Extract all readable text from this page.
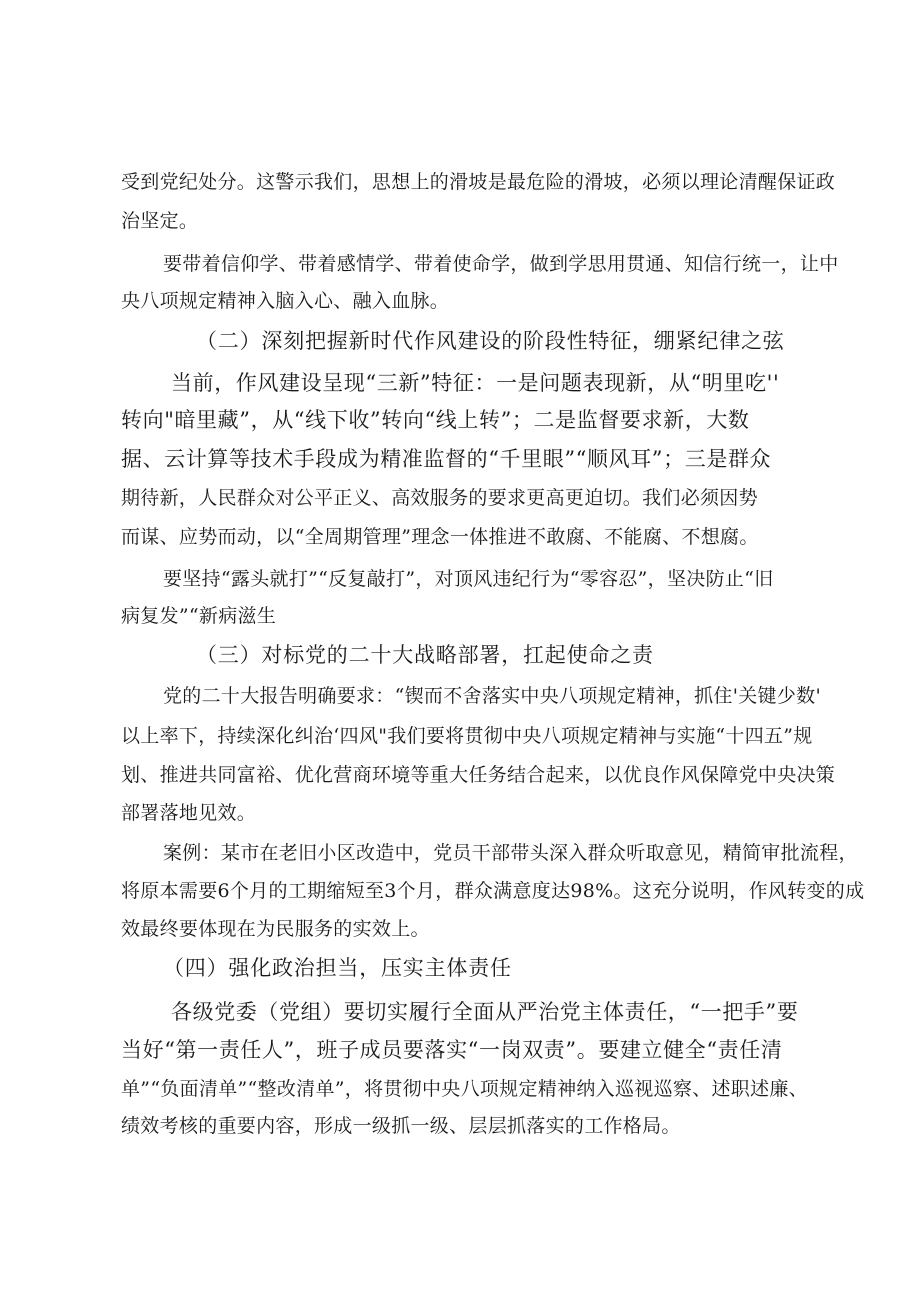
受到党纪处分。这警示我们，思想上的滑坡是最危险的滑坡，必须以理论清醒保证政
治坚定。
要带着信仰学、带着感情学、带着使命学，做到学思用贯通、知信行统一，让中
央八项规定精神入脑入心、融入血脉。
（二）深刻把握新时代作风建设的阶段性特征，绷紧纪律之弦
当前，作风建设呈现“三新”特征：一是问题表现新，从“明里吃''
转向"暗里藏”，从“线下收”转向“线上转”；二是监督要求新，大数
据、云计算等技术手段成为精准监督的“千里眼”“顺风耳”；三是群众
期待新，人民群众对公平正义、高效服务的要求更高更迫切。我们必须因势
而谋、应势而动，以“全周期管理”理念一体推进不敢腐、不能腐、不想腐。
要坚持“露头就打”“反复敲打”，对顶风违纪行为“零容忍”，坚决防止“旧
病复发”“新病滋生
（三）对标党的二十大战略部署，扛起使命之责
党的二十大报告明确要求：“锲而不舍落实中央八项规定精神，抓住'关键少数'
以上率下，持续深化纠治‘四风"我们要将贯彻中央八项规定精神与实施“十四五”规
划、推进共同富裕、优化营商环境等重大任务结合起来，以优良作风保障党中央决策
部署落地见效。
案例：某市在老旧小区改造中，党员干部带头深入群众听取意见，精简审批流程，
将原本需要6个月的工期缩短至3个月，群众满意度达98%。这充分说明，作风转变的成
效最终要体现在为民服务的实效上。
（四）强化政治担当，压实主体责任
各级党委（党组）要切实履行全面从严治党主体责任，“一把手”要
当好“第一责任人”，班子成员要落实“一岗双责”。要建立健全“责任清
单”“负面清单”“整改清单”，将贯彻中央八项规定精神纳入巡视巡察、述职述廉、
绩效考核的重要内容，形成一级抓一级、层层抓落实的工作格局。
